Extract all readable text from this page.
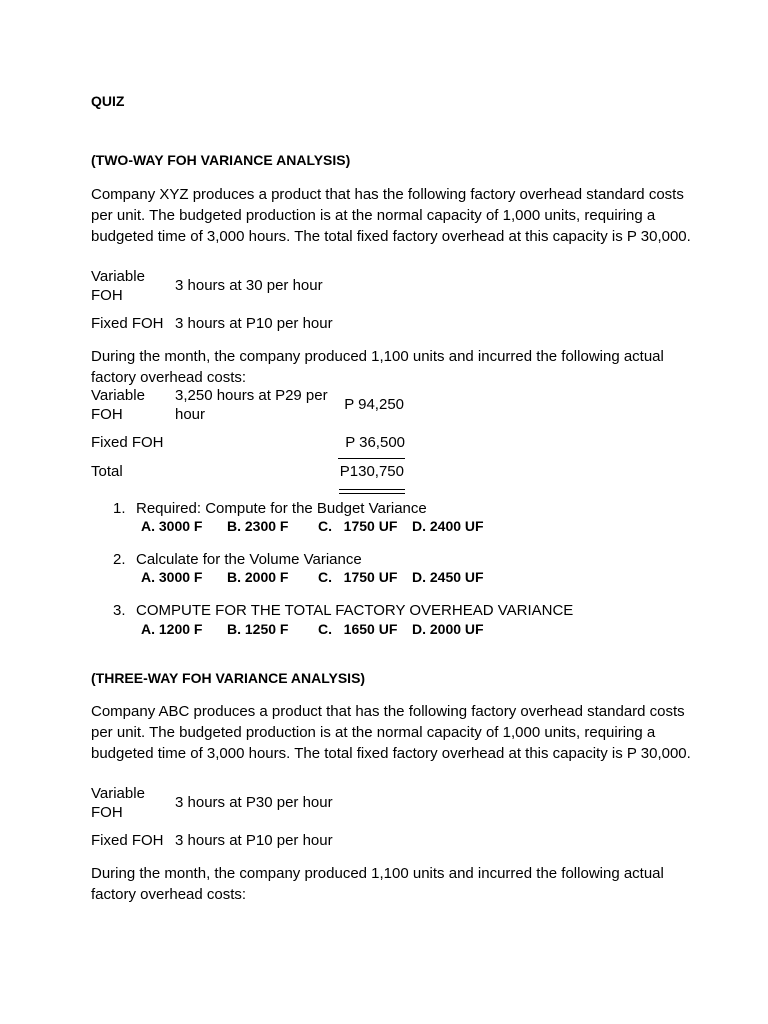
QUIZ
(TWO-WAY FOH VARIANCE ANALYSIS)
Company XYZ produces a product that has the following factory overhead standard costs per unit. The budgeted production is at the normal capacity of 1,000 units, requiring a budgeted time of 3,000 hours. The total fixed factory overhead at this capacity is P 30,000.
Variable
FOH
3 hours at 30 per hour
Fixed FOH 3 hours at P10 per hour
During the month, the company produced 1,100 units and incurred the following actual factory overhead costs:
Variable
FOH
3,250 hours at P29 per
hour
P 94,250
Fixed FOH	P 36,500
Total	P130,750
1. Required: Compute for the Budget Variance
A. 3000 F B. 2300 F C.   1750 UF D. 2400 UF
2. Calculate for the Volume Variance
A. 3000 F B. 2000 F C.   1750 UF D. 2450 UF
3. COMPUTE FOR THE TOTAL FACTORY OVERHEAD VARIANCE
A. 1200 F B. 1250 F C.   1650 UF D. 2000 UF
(THREE-WAY FOH VARIANCE ANALYSIS)
Company ABC produces a product that has the following factory overhead standard costs per unit. The budgeted production is at the normal capacity of 1,000 units, requiring a budgeted time of 3,000 hours. The total fixed factory overhead at this capacity is P 30,000.
Variable
FOH
3 hours at P30 per hour
Fixed FOH 3 hours at P10 per hour
During the month, the company produced 1,100 units and incurred the following actual factory overhead costs:
